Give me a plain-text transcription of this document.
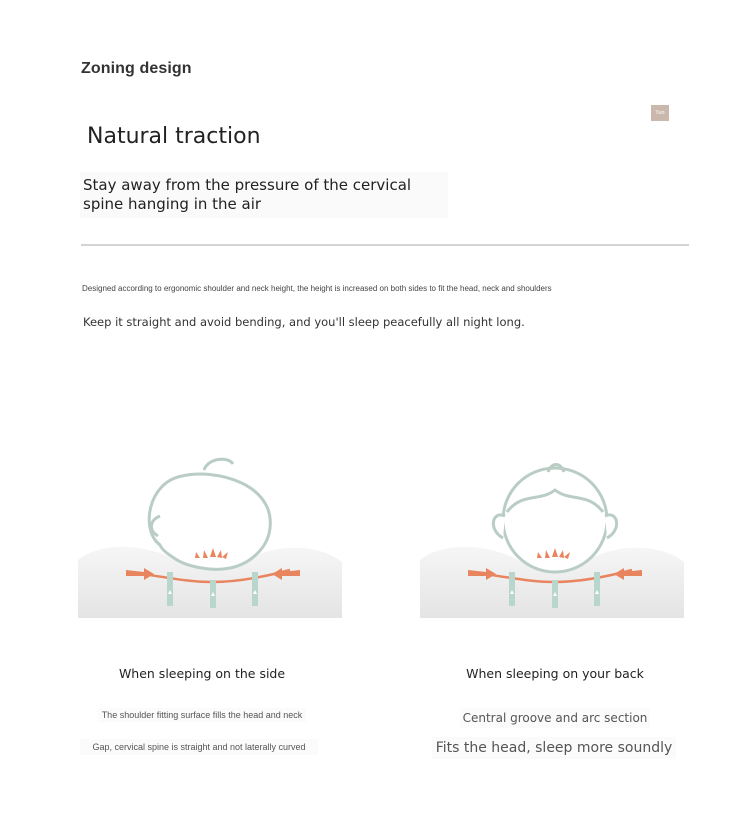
Zoning design
Two
Natural traction
Stay away from the pressure of the cervical spine hanging in the air
Designed according to ergonomic shoulder and neck height, the height is increased on both sides to fit the head, neck and shoulders
Keep it straight and avoid bending, and you'll sleep peacefully all night long.
When sleeping on the side
The shoulder fitting surface fills the head and neck
Gap, cervical spine is straight and not laterally curved
When sleeping on your back
Central groove and arc section
Fits the head, sleep more soundly
